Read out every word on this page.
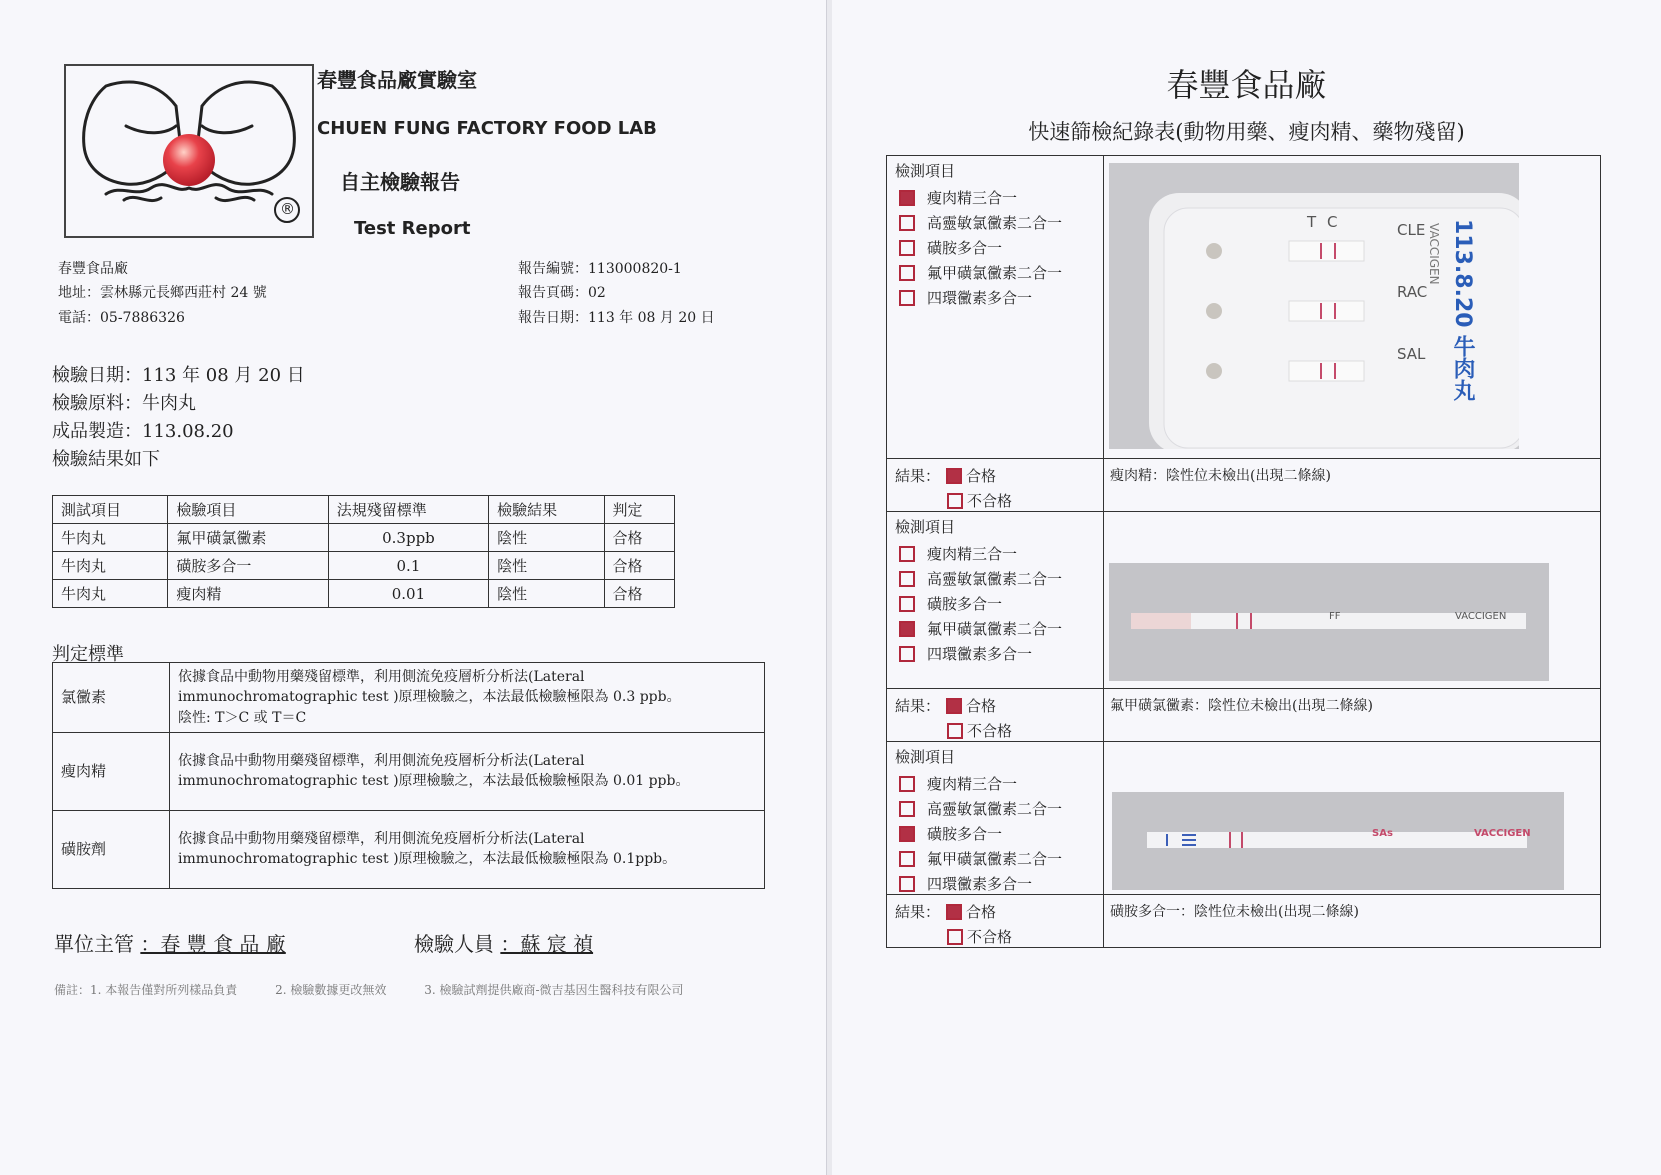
®
春豐食品廠實驗室
CHUEN FUNG FACTORY FOOD LAB
自主檢驗報告
Test Report
春豐食品廠
地址：雲林縣元長鄉西莊村 24 號
電話：05-7886326
報告編號：113000820-1
報告頁碼：02
報告日期：113 年 08 月 20 日
檢驗日期：113 年 08 月 20 日
檢驗原料：牛肉丸
成品製造：113.08.20
檢驗結果如下
測試項目	檢驗項目	法規殘留標準	檢驗結果	判定
牛肉丸	氟甲磺氯黴素	0.3ppb	陰性	合格
牛肉丸	磺胺多合一	0.1	陰性	合格
牛肉丸	瘦肉精	0.01	陰性	合格
判定標準
氯黴素	依據食品中動物用藥殘留標準，利用側流免疫層析分析法(Lateral immunochromatographic test )原理檢驗之，本法最低檢驗極限為 0.3 ppb。
陰性: T＞C 或 T＝C

瘦肉精	依據食品中動物用藥殘留標準，利用側流免疫層析分析法(Lateral immunochromatographic test )原理檢驗之，本法最低檢驗極限為 0.01 ppb。
磺胺劑	依據食品中動物用藥殘留標準，利用側流免疫層析分析法(Lateral immunochromatographic test )原理檢驗之，本法最低檢驗極限為 0.1ppb。
單位主管 ：春 豐 食 品 廠	檢驗人員 ：蘇 宸 禎
備註：1. 本報告僅對所列樣品負責	2. 檢驗數據更改無效	3. 檢驗試劑提供廠商-微吉基因生醫科技有限公司
春豐食品廠
快速篩檢紀錄表(動物用藥、瘦肉精、藥物殘留)
檢測項目
瘦肉精三合一
高靈敏氯黴素二合一
磺胺多合一
氟甲磺氯黴素二合一
四環黴素多合一
C
T	CLE
RAC
SAL
VACCIGEN 113.8.20 牛肉丸
結果： 合格
不合格
瘦肉精：陰性位未檢出(出現二條線)
檢測項目
瘦肉精三合一
高靈敏氯黴素二合一
磺胺多合一
氟甲磺氯黴素二合一
四環黴素多合一
FF	VACCIGEN
結果： 合格
不合格
氟甲磺氯黴素：陰性位未檢出(出現二條線)
檢測項目
瘦肉精三合一
高靈敏氯黴素二合一
磺胺多合一
氟甲磺氯黴素二合一
四環黴素多合一
SAs	VACCIGEN
結果： 合格
不合格
磺胺多合一：陰性位未檢出(出現二條線)
